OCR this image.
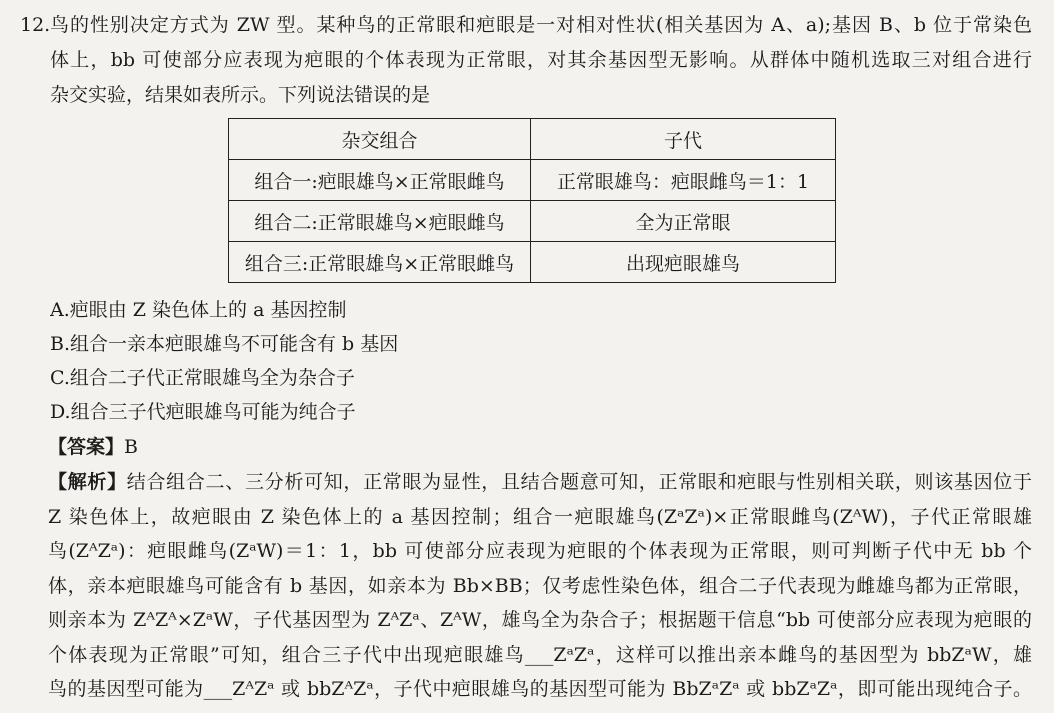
12. 鸟的性别决定方式为 ZW 型。某种鸟的正常眼和疤眼是一对相对性状(相关基因为 A、a);基因 B、b 位于常染色
体上，bb 可使部分应表现为疤眼的个体表现为正常眼，对其余基因型无影响。从群体中随机选取三对组合进行
杂交实验，结果如表所示。下列说法错误的是
杂交组合	子代
组合一:疤眼雄鸟×正常眼雌鸟	正常眼雄鸟：疤眼雌鸟＝1：1
组合二:正常眼雄鸟×疤眼雌鸟	全为正常眼
组合三:正常眼雄鸟×正常眼雌鸟	出现疤眼雄鸟
A.疤眼由 Z 染色体上的 a 基因控制
B.组合一亲本疤眼雄鸟不可能含有 b 基因
C.组合二子代正常眼雄鸟全为杂合子
D.组合三子代疤眼雄鸟可能为纯合子
【答案】B
【解析】结合组合二、三分析可知，正常眼为显性，且结合题意可知，正常眼和疤眼与性别相关联，则该基因位于
Z 染色体上，故疤眼由 Z 染色体上的 a 基因控制；组合一疤眼雄鸟(ZᵃZᵃ)×正常眼雌鸟(ZᴬW)，子代正常眼雄
鸟(ZᴬZᵃ)：疤眼雌鸟(ZᵃW)＝1：1，bb 可使部分应表现为疤眼的个体表现为正常眼，则可判断子代中无 bb 个
体，亲本疤眼雄鸟可能含有 b 基因，如亲本为 Bb×BB；仅考虑性染色体，组合二子代表现为雌雄鸟都为正常眼，
则亲本为 ZᴬZᴬ×ZᵃW，子代基因型为 ZᴬZᵃ、ZᴬW，雄鸟全为杂合子；根据题干信息“bb 可使部分应表现为疤眼的
个体表现为正常眼”可知，组合三子代中出现疤眼雄鸟___ZᵃZᵃ，这样可以推出亲本雌鸟的基因型为 bbZᵃW，雄
鸟的基因型可能为___ZᴬZᵃ 或 bbZᴬZᵃ，子代中疤眼雄鸟的基因型可能为 BbZᵃZᵃ 或 bbZᵃZᵃ，即可能出现纯合子。
